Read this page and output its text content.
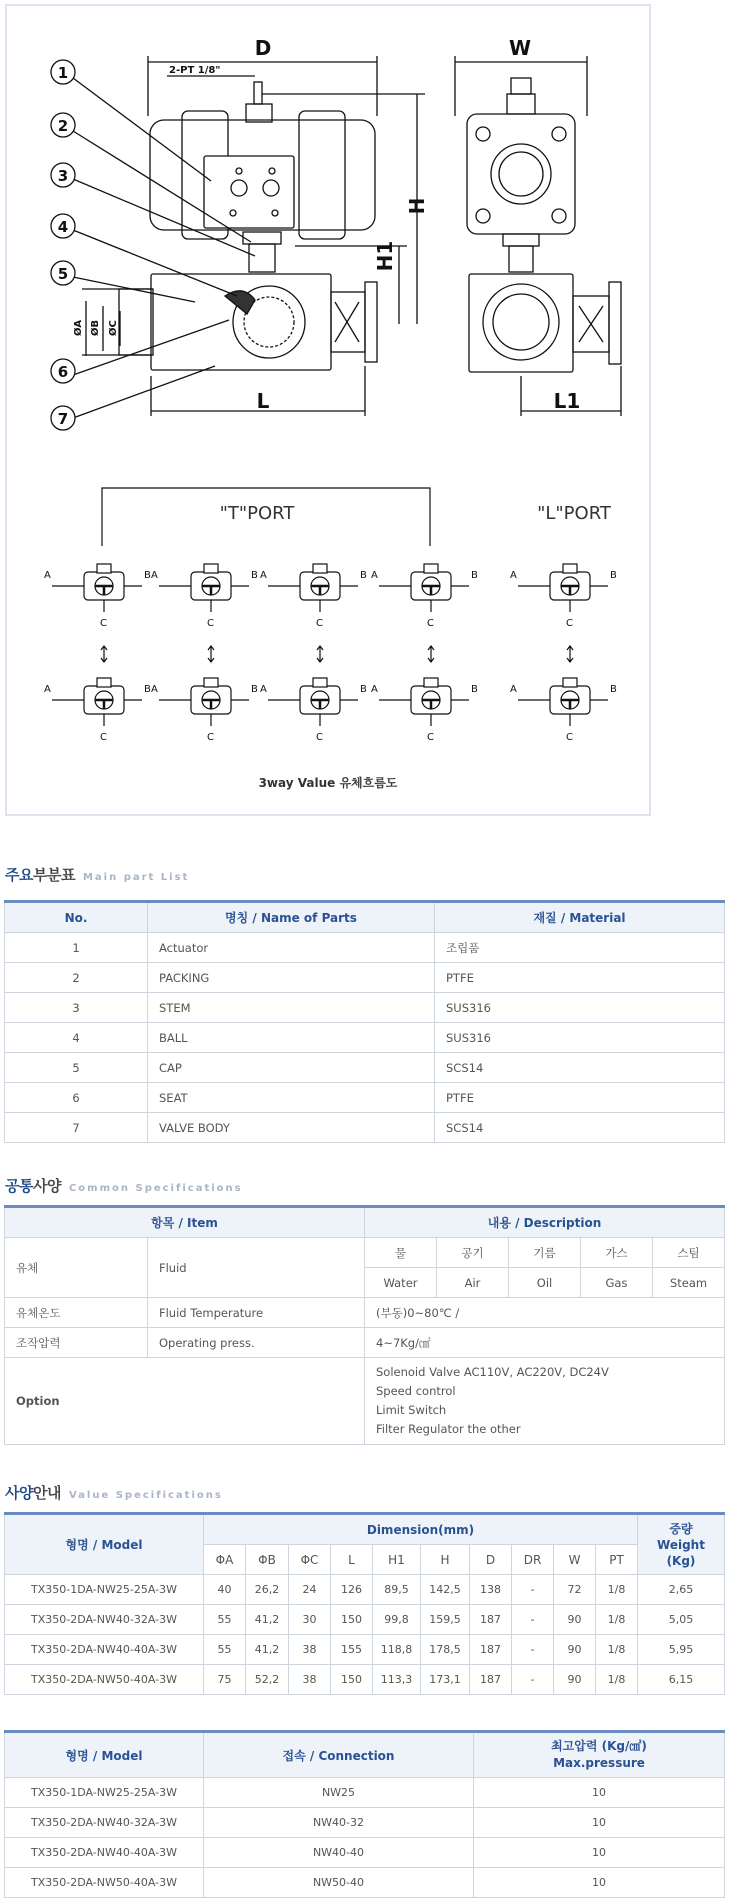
1
2
3
4
5
6
7
D	W
L	L1
H
H1
2-PT 1/8"
ØA ØB ØC
"T"PORT	"L"PORT
A	B
C
A	B
C
A	B
C
A	B
C
A	B
C
A	B
C
A	B
C
A	B
C
A	B
C
A	B
C
3way Value 유체흐름도
주요부분표 Main part List
No.	명칭 / Name of Parts	재질 / Material
1	Actuator	조립품
2	PACKING	PTFE
3	STEM	SUS316
4	BALL	SUS316
5	CAP	SCS14
6	SEAT	PTFE
7	VALVE BODY	SCS14
공통사양 Common Specifications
항목 / Item		내용 / Description				
유체	Fluid	물	공기	기름	가스	스팀
		Water	Air	Oil	Gas	Steam
유체온도	Fluid Temperature	(부동)0~80℃ /				
조작압력	Operating press.	4~7Kg/㎠				
Option		Solenoid Valve AC110V, AC220V, DC24V
Speed control
Limit Switch
Filter Regulator the other				
사양안내 Value Specifications
형명 / Model	Dimension(mm)										중량
Weight
(Kg)

	ΦA	ΦB	ΦC	L	H1	H	D	DR	W	PT	
TX350-1DA-NW25-25A-3W	40	26,2	24	126	89,5	142,5	138	-	72	1/8	2,65
TX350-2DA-NW40-32A-3W	55	41,2	30	150	99,8	159,5	187	-	90	1/8	5,05
TX350-2DA-NW40-40A-3W	55	41,2	38	155	118,8	178,5	187	-	90	1/8	5,95
TX350-2DA-NW50-40A-3W	75	52,2	38	150	113,3	173,1	187	-	90	1/8	6,15
형명 / Model	접속 / Connection	최고압력 (Kg/㎠)
Max.pressure

TX350-1DA-NW25-25A-3W	NW25	10
TX350-2DA-NW40-32A-3W	NW40-32	10
TX350-2DA-NW40-40A-3W	NW40-40	10
TX350-2DA-NW50-40A-3W	NW50-40	10
